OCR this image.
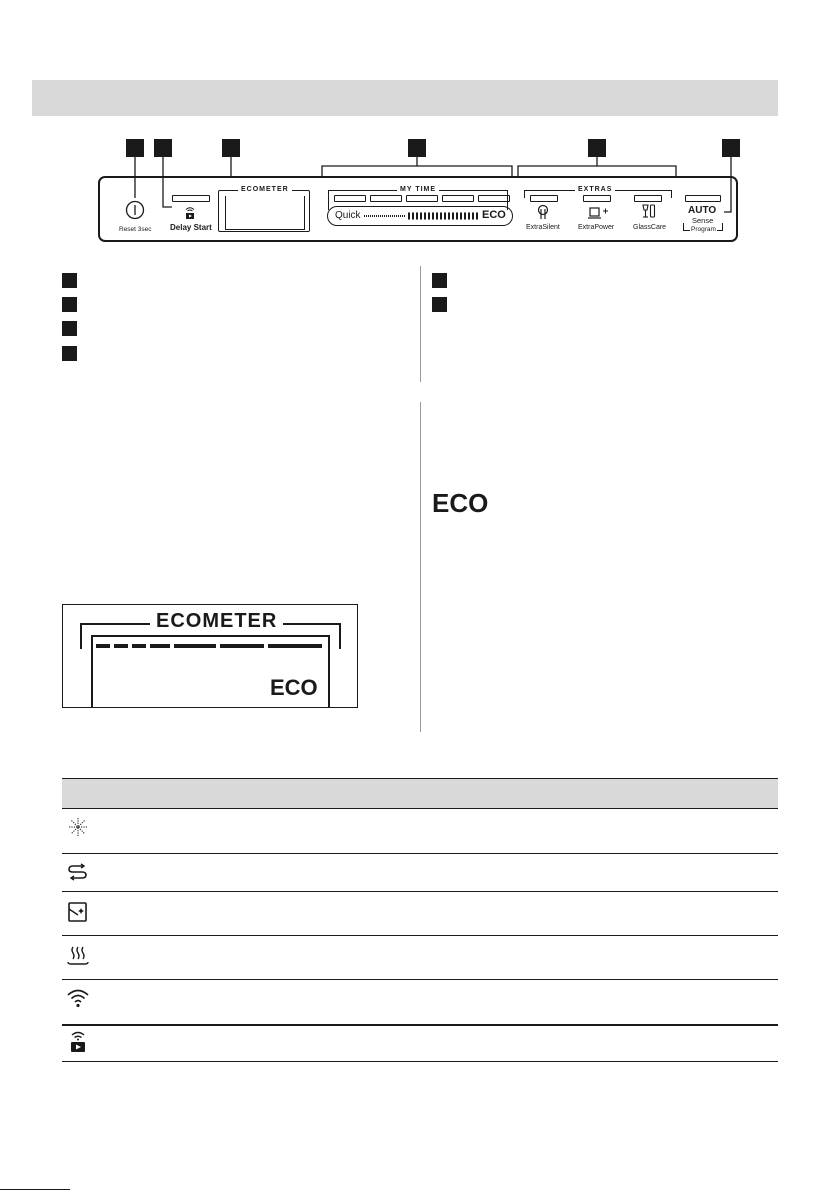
Reset 3sec Delay Start
ECOMETER	MY TIME
Quick	ECO
EXTRAS
ExtraSilent	ExtraPower	GlassCare
AUTO
Sense
Program
ECO
ECOMETER
ECO
